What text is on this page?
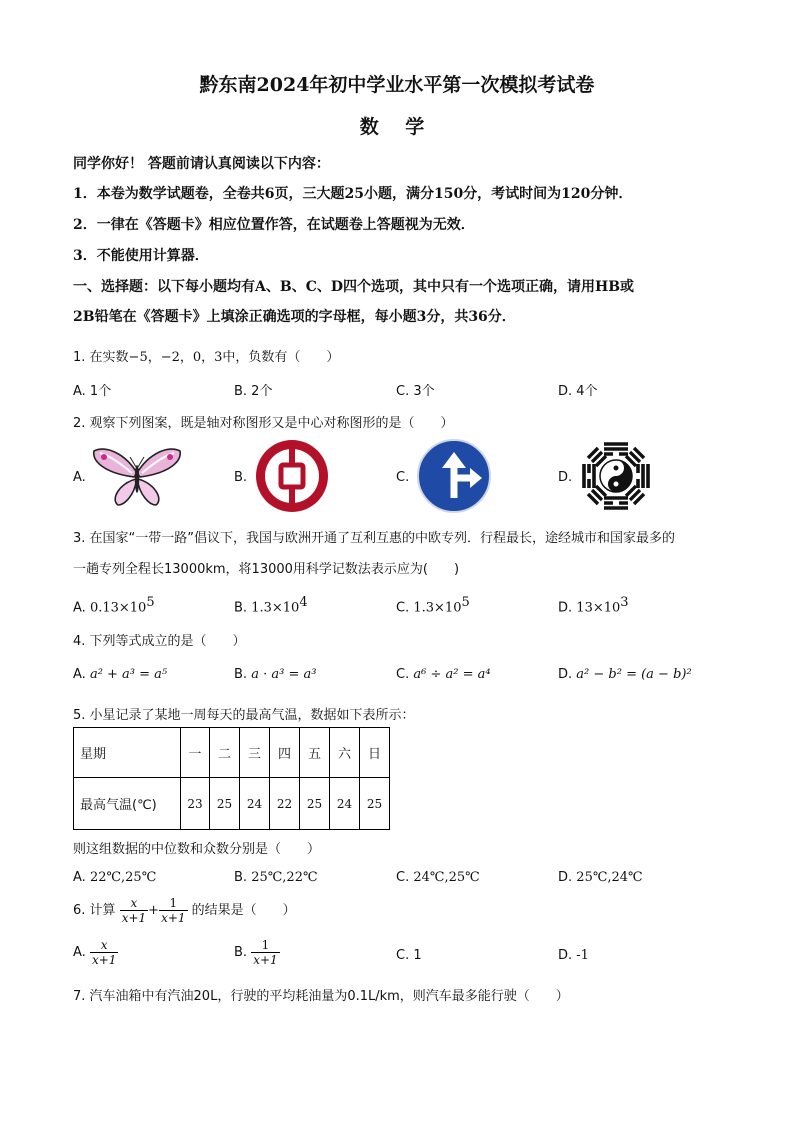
黔东南2024年初中学业水平第一次模拟考试卷
数 学
同学你好！ 答题前请认真阅读以下内容：
1．本卷为数学试题卷，全卷共6页，三大题25小题，满分150分，考试时间为120分钟．
2．一律在《答题卡》相应位置作答，在试题卷上答题视为无效．
3．不能使用计算器．
一、选择题：以下每小题均有A、B、C、D四个选项，其中只有一个选项正确，请用HB或
2B铅笔在《答题卡》上填涂正确选项的字母框，每小题3分，共36分．
1. 在实数−5，−2，0，3中，负数有（　　）
A. 1个	B. 2个	C. 3个	D. 4个
2. 观察下列图案，既是轴对称图形又是中心对称图形的是（　　）
A.	B.	C.	D.
3. 在国家“一带一路”倡议下，我国与欧洲开通了互利互惠的中欧专列．行程最长，途经城市和国家最多的
一趟专列全程长13000km，将13000用科学记数法表示应为(　　)
A. $0.13\times 10^5$	B. $1.3\times 10^4$	C. $1.3\times 10^5$	D. $13\times 10^3$
4. 下列等式成立的是（　　）
A. a² + a³ = a⁵	B. a · a³ = a³	C. a⁶ ÷ a² = a⁴	D. a² − b² = (a − b)²
5. 小星记录了某地一周每天的最高气温，数据如下表所示：
星期	一	二	三	四	五	六	日
最高气温(℃)	23	25	24	22	25	24	25
则这组数据的中位数和众数分别是（　　）
A. 22℃,25℃	B. 25℃,22℃	C. 24℃,25℃	D. 25℃,24℃
6. 计算 $\frac{x}{x+1} + \frac{1}{x+1}$ 的结果是（　　）
A. $\frac{x}{x+1}$	B. $\frac{1}{x+1}$	C. 1	D. -1
7. 汽车油箱中有汽油20L，行驶的平均耗油量为0.1L/km，则汽车最多能行驶（　　）
